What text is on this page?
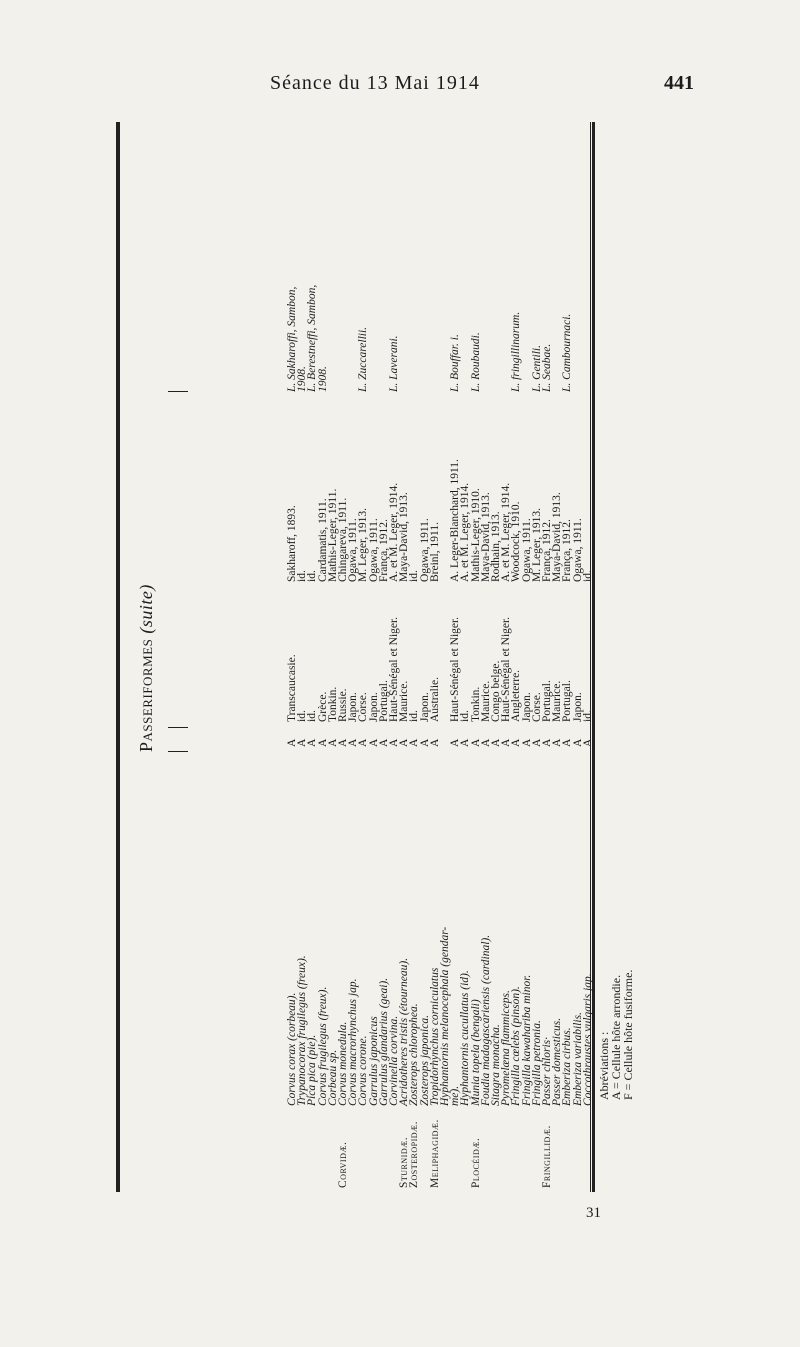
Séance du 13 Mai 1914	441
Passeriformes (suite)
Corvus corax (corbeau).
A
Transcaucasie.
Sakharoff, 1893.
L. Sakharoffi, Sambon,
Trypanocorax frugilegus (freux).
A
id.
id.
1908.
Pica pica (pie).
A
id.
id.
L. Berestneffi, Sambon,
Corvus frugilegus (freux).
A
Grèce.
Cardamatis, 1911.
1908.
Corbeau sp.
A
Tonkin.
Mathis-Leger, 1911.
Corvidæ.
Corvus monedula.
A
Russie.
Chingareva, 1911.
Corvus macrorhynchus jap.
A
Japon.
Ogawa, 1911.
Corvus corone.
A
Corse.
M. Leger, 1913.
L. Zuccarellii.
Garrulus japonicus
A
Japon.
Ogawa, 1911.
Garrulus glandarius (geai).
A
Portugal.
França, 1912.
Corvinella corvina.
A
Haut-Sénégal et Niger.
A. et M. Leger, 1914.
L. Laverani.
Sturnidæ.
Acridotheres tristis (étourneau).
A
Maurice.
Maya-David, 1913.
Zosteropidæ.
Zosterops chlorophea.
A
id.
id.
Zosterops japonica.
A
Japon.
Ogawa, 1911.
Meliphagidæ.
Tropidorhynchus corniculatus
A
Australie.
Breinl, 1911.
Hyphantornis melanocephala (gendar-
me).
A
Haut-Sénégal et Niger.
A. Leger-Blanchard, 1911.
L. Bouffar. i.
Hyphantornis cucullatus (id).
A
id.
A. et M. Leger, 1914.
Plocéidæ.
Munia topela (bengali)
A
Tonkin.
Mathis-Leger, 1910.
L. Roubaudi.
Foudia madagascariensis (cardinal).
A
Maurice.
Maya-David, 1913.
Sitagra monacha.
A
Congo belge.
Rodhain, 1913.
Pyromelæna flammiceps.
A
Haut-Sénégal et Niger.
A. et M. Leger, 1914.
Fringilla cœlebs (pinson).
A
Angleterre.
Woodcock, 1910.
L. fringillinarum.
Fringilla kawahariba minor.
A
Japon.
Ogawa, 1911.
Fringilla petronia.
A
Corse.
M. Leger, 1913.
L. Gentili.
Fringillidæ.
Passer chloris·
A
Portugal.
França, 1912.
L. Seabae.
Passer domesticus.
A
Maurice.
Maya-David, 1913.
Emberiza cirbus.
A
Portugal.
França, 1912.
L. Cambournaci.
Emberiza variabilis.
A
Japon.
Ogawa, 1911.
Coccothraustes vulgaris jap.
A
id.
id.
Abréviations :
A = Cellule hôte arrondie.
F = Cellule hôte fusiforme.
31
